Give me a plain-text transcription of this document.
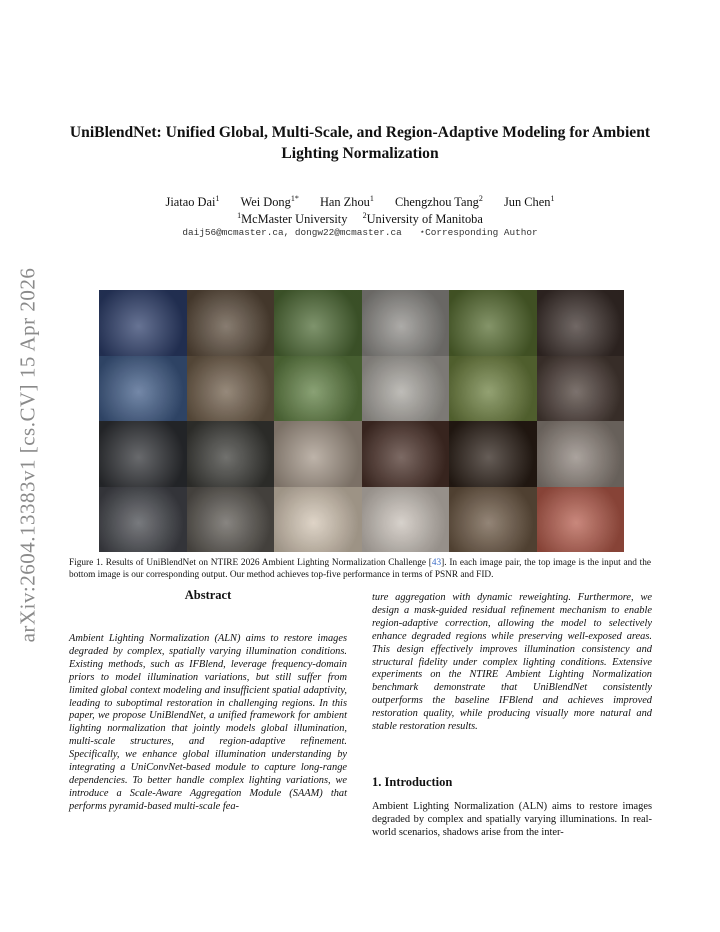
arXiv:2604.13383v1 [cs.CV] 15 Apr 2026
UniBlendNet: Unified Global, Multi-Scale, and Region-Adaptive Modeling for Ambient Lighting Normalization
Jiatao Dai$^1$ Wei Dong$^{1*}$ Han Zhou$^1$ Chengzhou Tang$^2$ Jun Chen$^1$
$^1$McMaster University $^2$University of Manitoba
daij56@mcmaster.ca, dongw22@mcmaster.ca ⋆Corresponding Author
Figure 1. Results of UniBlendNet on NTIRE 2026 Ambient Lighting Normalization Challenge [43]. In each image pair, the top image is the input and the bottom image is our corresponding output. Our method achieves top-five performance in terms of PSNR and FID.
Abstract
Ambient Lighting Normalization (ALN) aims to restore images degraded by complex, spatially varying illumination conditions. Existing methods, such as IFBlend, leverage frequency-domain priors to model illumination variations, but still suffer from limited global context modeling and insufficient spatial adaptivity, leading to suboptimal restoration in challenging regions. In this paper, we propose UniBlendNet, a unified framework for ambient lighting normalization that jointly models global illumination, multi-scale structures, and region-adaptive refinement. Specifically, we enhance global illumination understanding by integrating a UniConvNet-based module to capture long-range dependencies. To better handle complex lighting variations, we introduce a Scale-Aware Aggregation Module (SAAM) that performs pyramid-based multi-scale fea-
ture aggregation with dynamic reweighting. Furthermore, we design a mask-guided residual refinement mechanism to enable region-adaptive correction, allowing the model to selectively enhance degraded regions while preserving well-exposed areas. This design effectively improves illumination consistency and structural fidelity under complex lighting conditions. Extensive experiments on the NTIRE Ambient Lighting Normalization benchmark demonstrate that UniBlendNet consistently outperforms the baseline IFBlend and achieves improved restoration quality, while producing visually more natural and stable restoration results.
1. Introduction
Ambient Lighting Normalization (ALN) aims to restore images degraded by complex and spatially varying illuminations. In real-world scenarios, shadows arise from the inter-
